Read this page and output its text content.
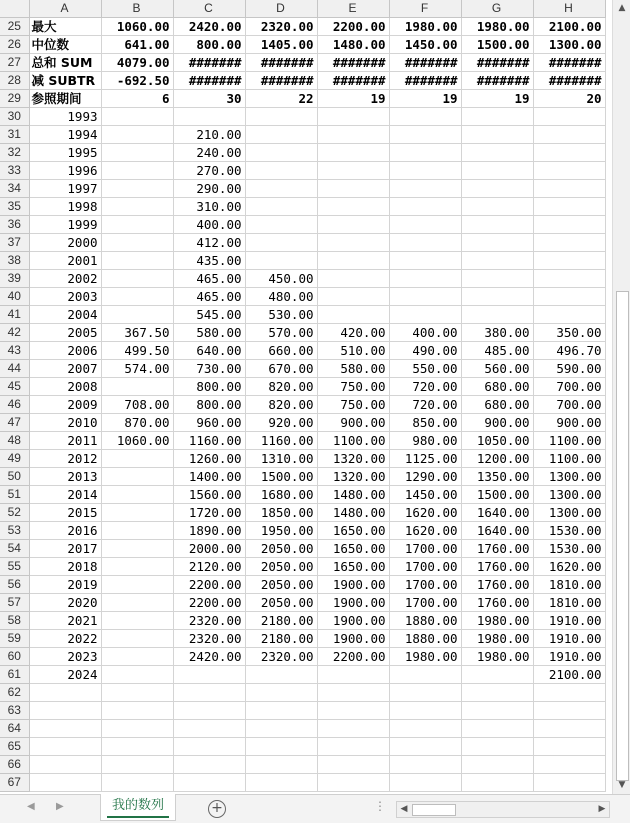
	A	B	C	D	E	F	G	H
25	最大	1060.00	2420.00	2320.00	2200.00	1980.00	1980.00	2100.00
26	中位数	641.00	800.00	1405.00	1480.00	1450.00	1500.00	1300.00
27	总和 SUM	4079.00	#######	#######	#######	#######	#######	#######
28	减 SUBTR	-692.50	#######	#######	#######	#######	#######	#######
29	参照期间	6	30	22	19	19	19	20
30	1993							
31	1994		210.00					
32	1995		240.00					
33	1996		270.00					
34	1997		290.00					
35	1998		310.00					
36	1999		400.00					
37	2000		412.00					
38	2001		435.00					
39	2002		465.00	450.00				
40	2003		465.00	480.00				
41	2004		545.00	530.00				
42	2005	367.50	580.00	570.00	420.00	400.00	380.00	350.00
43	2006	499.50	640.00	660.00	510.00	490.00	485.00	496.70
44	2007	574.00	730.00	670.00	580.00	550.00	560.00	590.00
45	2008		800.00	820.00	750.00	720.00	680.00	700.00
46	2009	708.00	800.00	820.00	750.00	720.00	680.00	700.00
47	2010	870.00	960.00	920.00	900.00	850.00	900.00	900.00
48	2011	1060.00	1160.00	1160.00	1100.00	980.00	1050.00	1100.00
49	2012		1260.00	1310.00	1320.00	1125.00	1200.00	1100.00
50	2013		1400.00	1500.00	1320.00	1290.00	1350.00	1300.00
51	2014		1560.00	1680.00	1480.00	1450.00	1500.00	1300.00
52	2015		1720.00	1850.00	1480.00	1620.00	1640.00	1300.00
53	2016		1890.00	1950.00	1650.00	1620.00	1640.00	1530.00
54	2017		2000.00	2050.00	1650.00	1700.00	1760.00	1530.00
55	2018		2120.00	2050.00	1650.00	1700.00	1760.00	1620.00
56	2019		2200.00	2050.00	1900.00	1700.00	1760.00	1810.00
57	2020		2200.00	2050.00	1900.00	1700.00	1760.00	1810.00
58	2021		2320.00	2180.00	1900.00	1880.00	1980.00	1910.00
59	2022		2320.00	2180.00	1900.00	1880.00	1980.00	1910.00
60	2023		2420.00	2320.00	2200.00	1980.00	1980.00	1910.00
61	2024							2100.00
62								
63								
64								
65								
66								
67								
▲
▼
◀ ▶	我的数列	+	⋮	◀	▶
